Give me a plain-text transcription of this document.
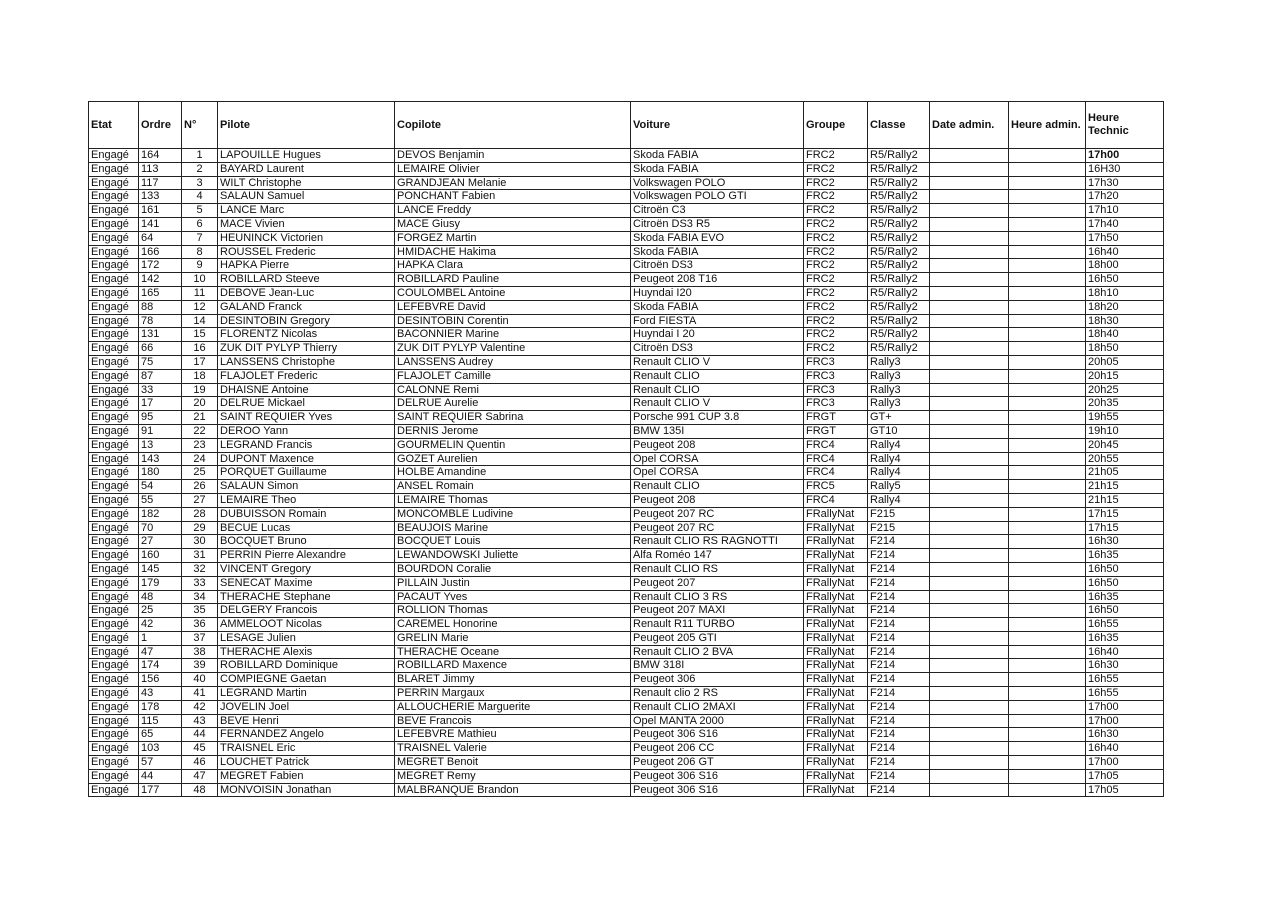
Etat	Ordre	N°	Pilote	Copilote	Voiture	Groupe	Classe	Date admin.	Heure admin.	Heure
Technic
Engagé	164	1	LAPOUILLE Hugues	DEVOS Benjamin	Skoda FABIA	FRC2	R5/Rally2			17h00
Engagé	113	2	BAYARD Laurent	LEMAIRE Olivier	Skoda FABIA	FRC2	R5/Rally2			16H30
Engagé	117	3	WILT Christophe	GRANDJEAN Melanie	Volkswagen POLO	FRC2	R5/Rally2			17h30
Engagé	133	4	SALAUN Samuel	PONCHANT Fabien	Volkswagen POLO GTI	FRC2	R5/Rally2			17h20
Engagé	161	5	LANCE Marc	LANCE Freddy	Citroën C3	FRC2	R5/Rally2			17h10
Engagé	141	6	MACE Vivien	MACE Giusy	Citroën DS3 R5	FRC2	R5/Rally2			17h40
Engagé	64	7	HEUNINCK Victorien	FORGEZ Martin	Skoda FABIA EVO	FRC2	R5/Rally2			17h50
Engagé	166	8	ROUSSEL Frederic	HMIDACHE Hakima	Skoda FABIA	FRC2	R5/Rally2			16h40
Engagé	172	9	HAPKA Pierre	HAPKA Clara	Citroën DS3	FRC2	R5/Rally2			18h00
Engagé	142	10	ROBILLARD Steeve	ROBILLARD Pauline	Peugeot 208 T16	FRC2	R5/Rally2			16h50
Engagé	165	11	DEBOVE Jean-Luc	COULOMBEL Antoine	Huyndai I20	FRC2	R5/Rally2			18h10
Engagé	88	12	GALAND Franck	LEFEBVRE David	Skoda FABIA	FRC2	R5/Rally2			18h20
Engagé	78	14	DESINTOBIN Gregory	DESINTOBIN Corentin	Ford FIESTA	FRC2	R5/Rally2			18h30
Engagé	131	15	FLORENTZ Nicolas	BACONNIER Marine	Huyndai I 20	FRC2	R5/Rally2			18h40
Engagé	66	16	ZUK DIT PYLYP Thierry	ZUK DIT PYLYP Valentine	Citroën DS3	FRC2	R5/Rally2			18h50
Engagé	75	17	LANSSENS Christophe	LANSSENS Audrey	Renault CLIO V	FRC3	Rally3			20h05
Engagé	87	18	FLAJOLET Frederic	FLAJOLET Camille	Renault CLIO	FRC3	Rally3			20h15
Engagé	33	19	DHAISNE Antoine	CALONNE Remi	Renault CLIO	FRC3	Rally3			20h25
Engagé	17	20	DELRUE Mickael	DELRUE Aurelie	Renault CLIO V	FRC3	Rally3			20h35
Engagé	95	21	SAINT REQUIER Yves	SAINT REQUIER Sabrina	Porsche 991 CUP 3.8	FRGT	GT+			19h55
Engagé	91	22	DEROO Yann	DERNIS Jerome	BMW 135I	FRGT	GT10			19h10
Engagé	13	23	LEGRAND Francis	GOURMELIN Quentin	Peugeot 208	FRC4	Rally4			20h45
Engagé	143	24	DUPONT Maxence	GOZET Aurelien	Opel CORSA	FRC4	Rally4			20h55
Engagé	180	25	PORQUET Guillaume	HOLBE Amandine	Opel CORSA	FRC4	Rally4			21h05
Engagé	54	26	SALAUN Simon	ANSEL Romain	Renault CLIO	FRC5	Rally5			21h15
Engagé	55	27	LEMAIRE Theo	LEMAIRE Thomas	Peugeot 208	FRC4	Rally4			21h15
Engagé	182	28	DUBUISSON Romain	MONCOMBLE Ludivine	Peugeot 207 RC	FRallyNat	F215			17h15
Engagé	70	29	BECUE Lucas	BEAUJOIS Marine	Peugeot 207 RC	FRallyNat	F215			17h15
Engagé	27	30	BOCQUET Bruno	BOCQUET Louis	Renault CLIO RS RAGNOTTI	FRallyNat	F214			16h30
Engagé	160	31	PERRIN Pierre Alexandre	LEWANDOWSKI Juliette	Alfa Roméo 147	FRallyNat	F214			16h35
Engagé	145	32	VINCENT Gregory	BOURDON Coralie	Renault CLIO RS	FRallyNat	F214			16h50
Engagé	179	33	SENECAT Maxime	PILLAIN Justin	Peugeot 207	FRallyNat	F214			16h50
Engagé	48	34	THERACHE Stephane	PACAUT Yves	Renault CLIO 3 RS	FRallyNat	F214			16h35
Engagé	25	35	DELGERY Francois	ROLLION Thomas	Peugeot 207 MAXI	FRallyNat	F214			16h50
Engagé	42	36	AMMELOOT Nicolas	CAREMEL Honorine	Renault R11 TURBO	FRallyNat	F214			16h55
Engagé	1	37	LESAGE Julien	GRELIN Marie	Peugeot 205 GTI	FRallyNat	F214			16h35
Engagé	47	38	THERACHE Alexis	THERACHE Oceane	Renault CLIO 2 BVA	FRallyNat	F214			16h40
Engagé	174	39	ROBILLARD Dominique	ROBILLARD Maxence	BMW 318I	FRallyNat	F214			16h30
Engagé	156	40	COMPIEGNE Gaetan	BLARET Jimmy	Peugeot 306	FRallyNat	F214			16h55
Engagé	43	41	LEGRAND Martin	PERRIN Margaux	Renault clio 2 RS	FRallyNat	F214			16h55
Engagé	178	42	JOVELIN Joel	ALLOUCHERIE Marguerite	Renault CLIO 2MAXI	FRallyNat	F214			17h00
Engagé	115	43	BEVE Henri	BEVE Francois	Opel MANTA 2000	FRallyNat	F214			17h00
Engagé	65	44	FERNANDEZ Angelo	LEFEBVRE Mathieu	Peugeot 306 S16	FRallyNat	F214			16h30
Engagé	103	45	TRAISNEL Eric	TRAISNEL Valerie	Peugeot 206 CC	FRallyNat	F214			16h40
Engagé	57	46	LOUCHET Patrick	MEGRET Benoit	Peugeot 206 GT	FRallyNat	F214			17h00
Engagé	44	47	MEGRET Fabien	MEGRET Remy	Peugeot 306 S16	FRallyNat	F214			17h05
Engagé	177	48	MONVOISIN Jonathan	MALBRANQUE Brandon	Peugeot 306 S16	FRallyNat	F214			17h05
